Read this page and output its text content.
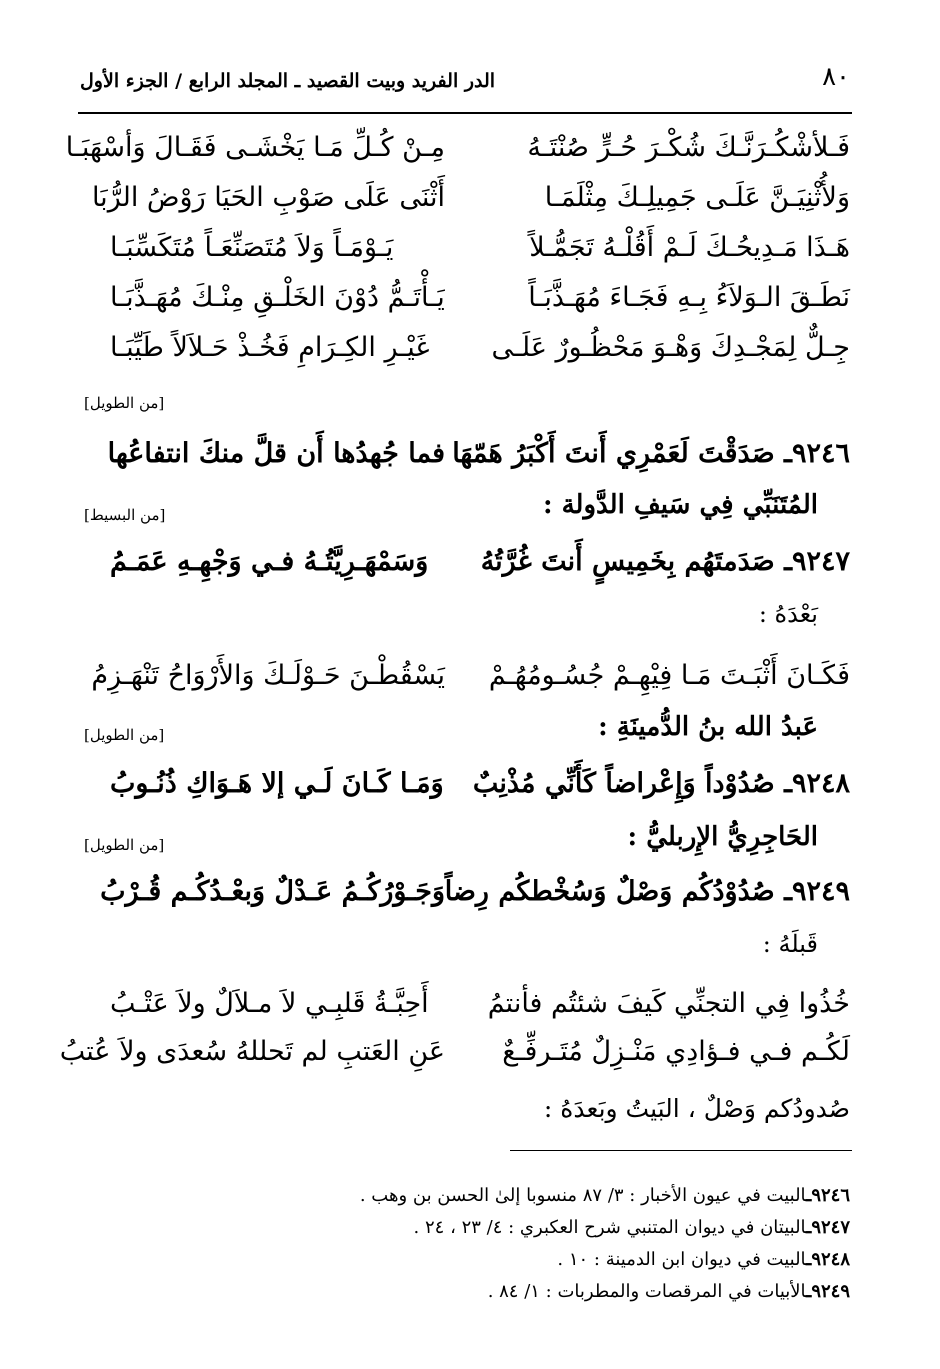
٨٠
الدر الفريد وبيت القصيد ـ المجلد الرابع / الجزء الأول
فَـلأشْكُـرَنَّـكَ شُكْـرَ حُـرٍّ صُنْتَـهُ
مِـنْ كُـلِّ مَـا يَخْشَـى فَقَـالَ وَأسْهَبَـا
وَلأُثْنِيَـنَّ عَلَـى جَمِيلِـكَ مِثْلَمَـا
أَثْنَى عَلَى صَوْبِ الحَيَا رَوْضُ الرُّبَا
هَـذَا مَـدِيحُـكَ لَـمْ أَقُلْـهُ تَجَمُّـلاً
يَـوْمَـاً وَلاَ مُتَصَنِّعَـاً مُتَكَسِّبَـا
نَطَـقَ الـوَلاَءُ بِـهِ فَجَـاءَ مُهَـذَّبَـاً
يَـأْتَـمُّ دُوْنَ الخَلْـقِ مِنْـكَ مُهَـذَّبَـا
جِـلٌّ لِمَجْـدِكَ وَهْـوَ مَحْظُـورٌ عَلَـى
غَيْـرِ الكِـرَامِ فَخُـذْ حَـلاَلاً طَيِّبَـا
[من الطويل]
٩٢٤٦ـ صَدَقْتَ لَعَمْرِي أَنتَ أَكْبَرُ هَمّهَا
فما جُهدُها أَن قلَّ منكَ انتفاعُها
المُتَنَبِّي فِي سَيفِ الدَّولة :
[من البسيط]
٩٢٤٧ـ صَدَمتَهُم بِخَمِيسٍ أَنتَ غُرَّتُهُ
وَسَمْهَـرِيَّتُـهُ فـي وَجْهِـهِ عَمَـمُ
بَعْدَهُ :
فَكَـانَ أَثْبَـتَ مَـا فِيْهِـمْ جُسُـومُهُـمْ
يَسْقُطْـنَ حَـوْلَـكَ وَالأَرْوَاحُ تَنْهَـزِمُ
عَبدُ الله بنُ الدُّمينَةِ :
[من الطويل]
٩٢٤٨ـ صُدُوْداً وَإِعْراضاً كَأَنِّي مُذْنِبٌ
وَمَـا كَـانَ لَـي إلا هَـوَاكِ ذُنُـوبُ
الحَاجِرِيُّ الإِربليُّ :
[من الطويل]
٩٢٤٩ـ صُدُوْدُكُم وَصْلٌ وَسُخْطكُم رِضاً
وَجَـوْرُكُـمُ عَـدْلٌ وَبعْـدُكُـم قُـرْبُ
قَبلَهُ :
خُذُوا فِي التجنِّي كَيفَ شئتُم فأنتمُ
أَحِبَّـةُ قَلبِـي لاَ مـلاَلٌ ولاَ عَتْـبُ
لَكُـم فـي فـؤادِي مَنْـزِلٌ مُتَـرفِّـعٌ
عَنِ العَتبِ لم تَحللهُ سُعدَى ولاَ عُتبُ
صُدودُكم وَصْلٌ ، البَيتُ وبَعدَهُ :
٩٢٤٦ـالبيت في عيون الأخبار : ٣/ ٨٧ منسوبا إلىٰ الحسن بن وهب .
٩٢٤٧ـالبيتان في ديوان المتنبي شرح العكبري : ٤/ ٢٣ ، ٢٤ .
٩٢٤٨ـالبيت في ديوان ابن الدمينة : ١٠ .
٩٢٤٩ـالأبيات في المرقصات والمطربات : ١/ ٨٤ .
